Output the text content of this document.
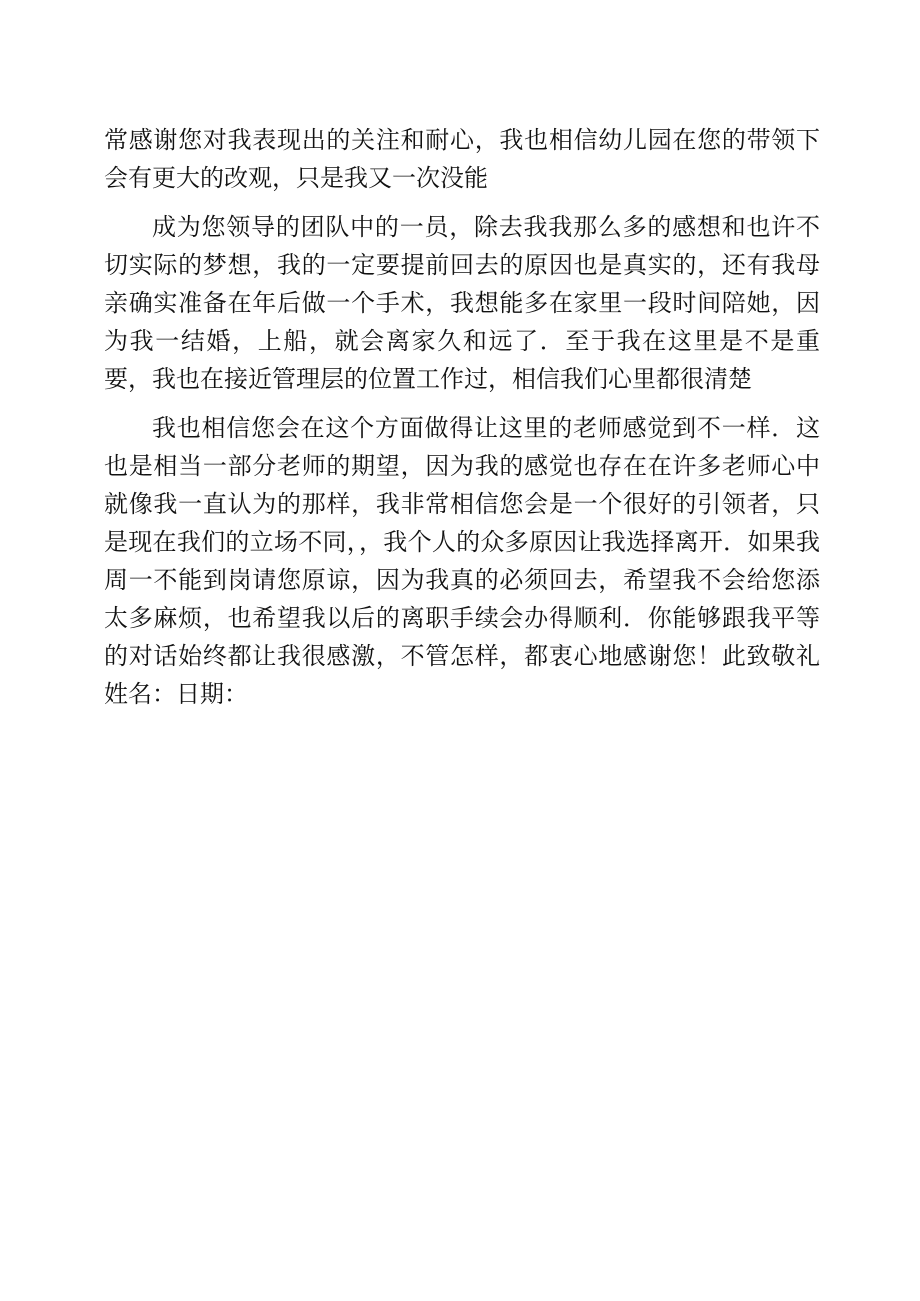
常感谢您对我表现出的关注和耐心，我也相信幼儿园在您的带领下会有更大的改观，只是我又一次没能

成为您领导的团队中的一员，除去我我那么多的感想和也许不切实际的梦想，我的一定要提前回去的原因也是真实的，还有我母亲确实准备在年后做一个手术，我想能多在家里一段时间陪她，因为我一结婚，上船，就会离家久和远了．至于我在这里是不是重要，我也在接近管理层的位置工作过，相信我们心里都很清楚

我也相信您会在这个方面做得让这里的老师感觉到不一样．这也是相当一部分老师的期望，因为我的感觉也存在在许多老师心中就像我一直认为的那样，我非常相信您会是一个很好的引领者，只是现在我们的立场不同，，我个人的众多原因让我选择离开．如果我周一不能到岗请您原谅，因为我真的必须回去，希望我不会给您添太多麻烦，也希望我以后的离职手续会办得顺利．你能够跟我平等的对话始终都让我很感激，不管怎样，都衷心地感谢您！此致敬礼姓名：日期：
